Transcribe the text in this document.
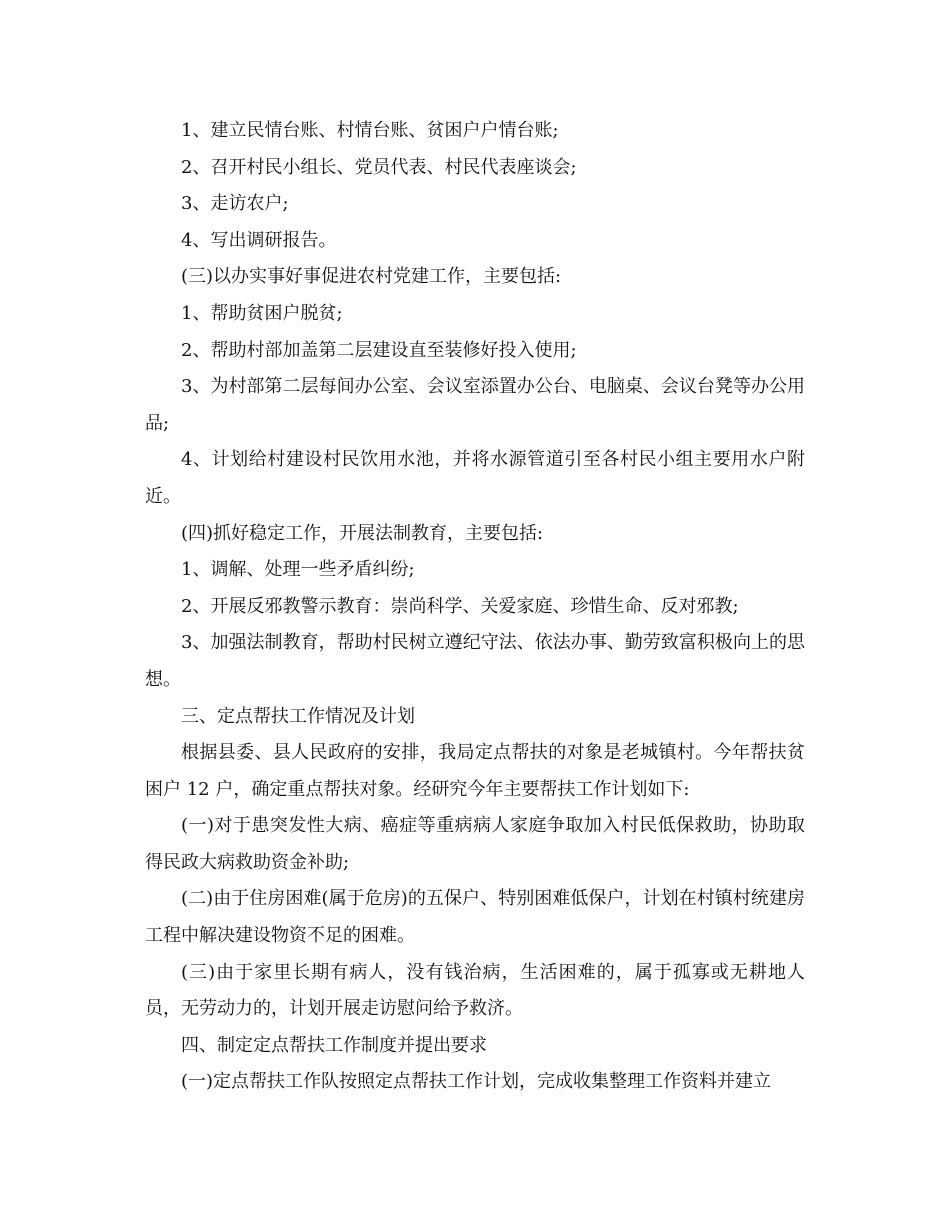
1、建立民情台账、村情台账、贫困户户情台账;

2、召开村民小组长、党员代表、村民代表座谈会;

3、走访农户;

4、写出调研报告。

(三)以办实事好事促进农村党建工作，主要包括:

1、帮助贫困户脱贫;

2、帮助村部加盖第二层建设直至装修好投入使用;

3、为村部第二层每间办公室、会议室添置办公台、电脑桌、会议台凳等办公用品;

4、计划给村建设村民饮用水池，并将水源管道引至各村民小组主要用水户附近。

(四)抓好稳定工作，开展法制教育，主要包括:

1、调解、处理一些矛盾纠纷;

2、开展反邪教警示教育：崇尚科学、关爱家庭、珍惜生命、反对邪教;

3、加强法制教育，帮助村民树立遵纪守法、依法办事、勤劳致富积极向上的思想。

三、定点帮扶工作情况及计划

根据县委、县人民政府的安排，我局定点帮扶的对象是老城镇村。今年帮扶贫困户 12 户，确定重点帮扶对象。经研究今年主要帮扶工作计划如下:

(一)对于患突发性大病、癌症等重病病人家庭争取加入村民低保救助，协助取得民政大病救助资金补助;

(二)由于住房困难(属于危房)的五保户、特别困难低保户，计划在村镇村统建房工程中解决建设物资不足的困难。

(三)由于家里长期有病人，没有钱治病，生活困难的，属于孤寡或无耕地人员，无劳动力的，计划开展走访慰问给予救济。

四、制定定点帮扶工作制度并提出要求

(一)定点帮扶工作队按照定点帮扶工作计划，完成收集整理工作资料并建立
